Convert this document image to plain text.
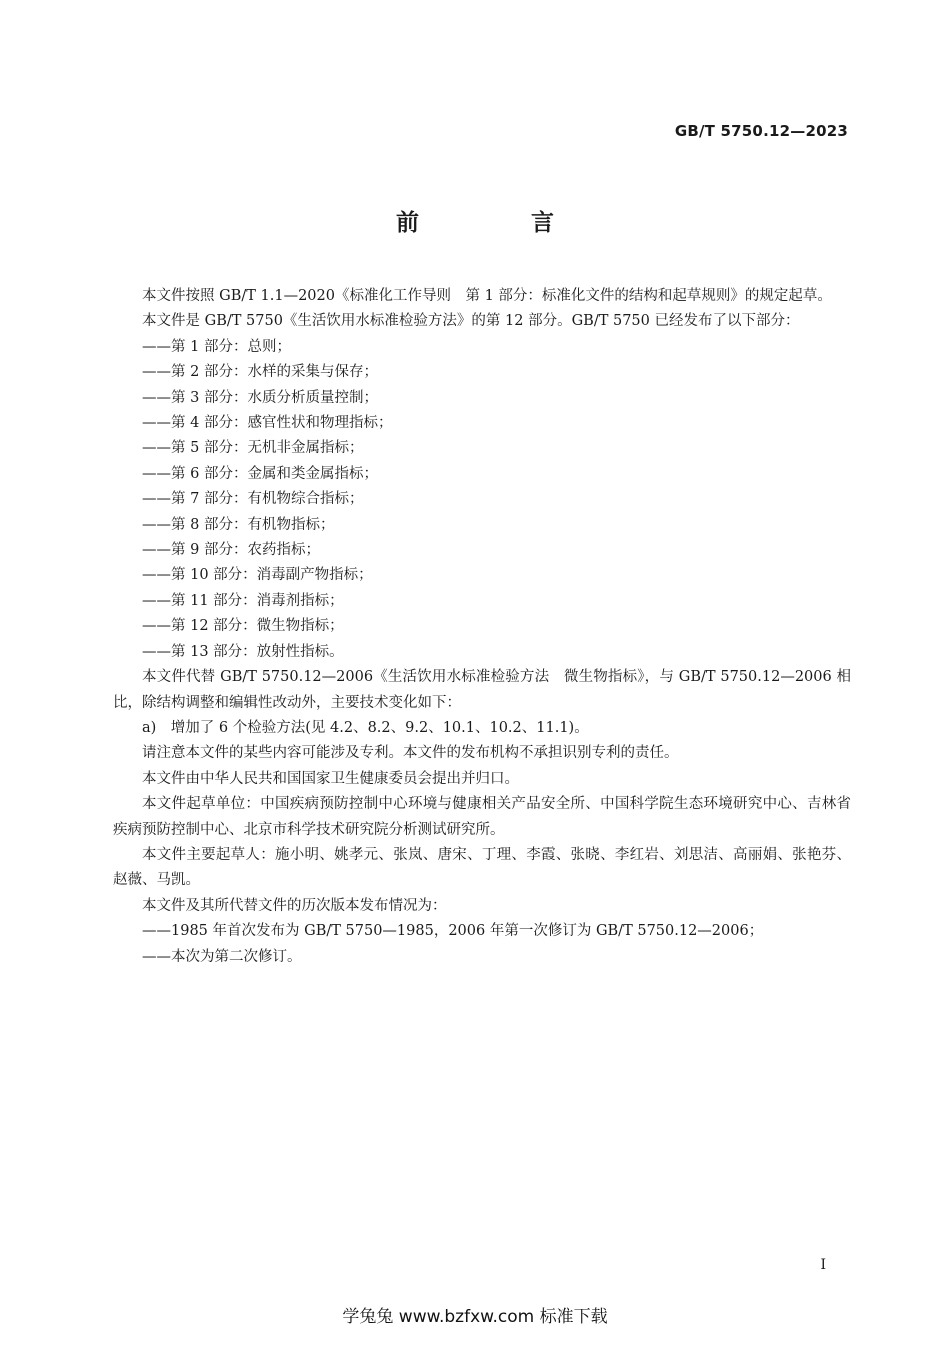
GB/T 5750.12—2023
前 言

本文件按照 GB/T 1.1—2020《标准化工作导则　第 1 部分：标准化文件的结构和起草规则》的规定起草。

本文件是 GB/T 5750《生活饮用水标准检验方法》的第 12 部分。GB/T 5750 已经发布了以下部分：

——第 1 部分：总则；

——第 2 部分：水样的采集与保存；

——第 3 部分：水质分析质量控制；

——第 4 部分：感官性状和物理指标；

——第 5 部分：无机非金属指标；

——第 6 部分：金属和类金属指标；

——第 7 部分：有机物综合指标；

——第 8 部分：有机物指标；

——第 9 部分：农药指标；

——第 10 部分：消毒副产物指标；

——第 11 部分：消毒剂指标；

——第 12 部分：微生物指标；

——第 13 部分：放射性指标。

本文件代替 GB/T 5750.12—2006《生活饮用水标准检验方法　微生物指标》，与 GB/T 5750.12—2006 相比，除结构调整和编辑性改动外，主要技术变化如下：

a)　增加了 6 个检验方法(见 4.2、8.2、9.2、10.1、10.2、11.1)。

请注意本文件的某些内容可能涉及专利。本文件的发布机构不承担识别专利的责任。

本文件由中华人民共和国国家卫生健康委员会提出并归口。

本文件起草单位：中国疾病预防控制中心环境与健康相关产品安全所、中国科学院生态环境研究中心、吉林省疾病预防控制中心、北京市科学技术研究院分析测试研究所。

本文件主要起草人：施小明、姚孝元、张岚、唐宋、丁理、李霞、张晓、李红岩、刘思洁、高丽娟、张艳芬、赵薇、马凯。

本文件及其所代替文件的历次版本发布情况为：

——1985 年首次发布为 GB/T 5750—1985，2006 年第一次修订为 GB/T 5750.12—2006；

——本次为第二次修订。

I
学兔兔 www.bzfxw.com 标准下载
